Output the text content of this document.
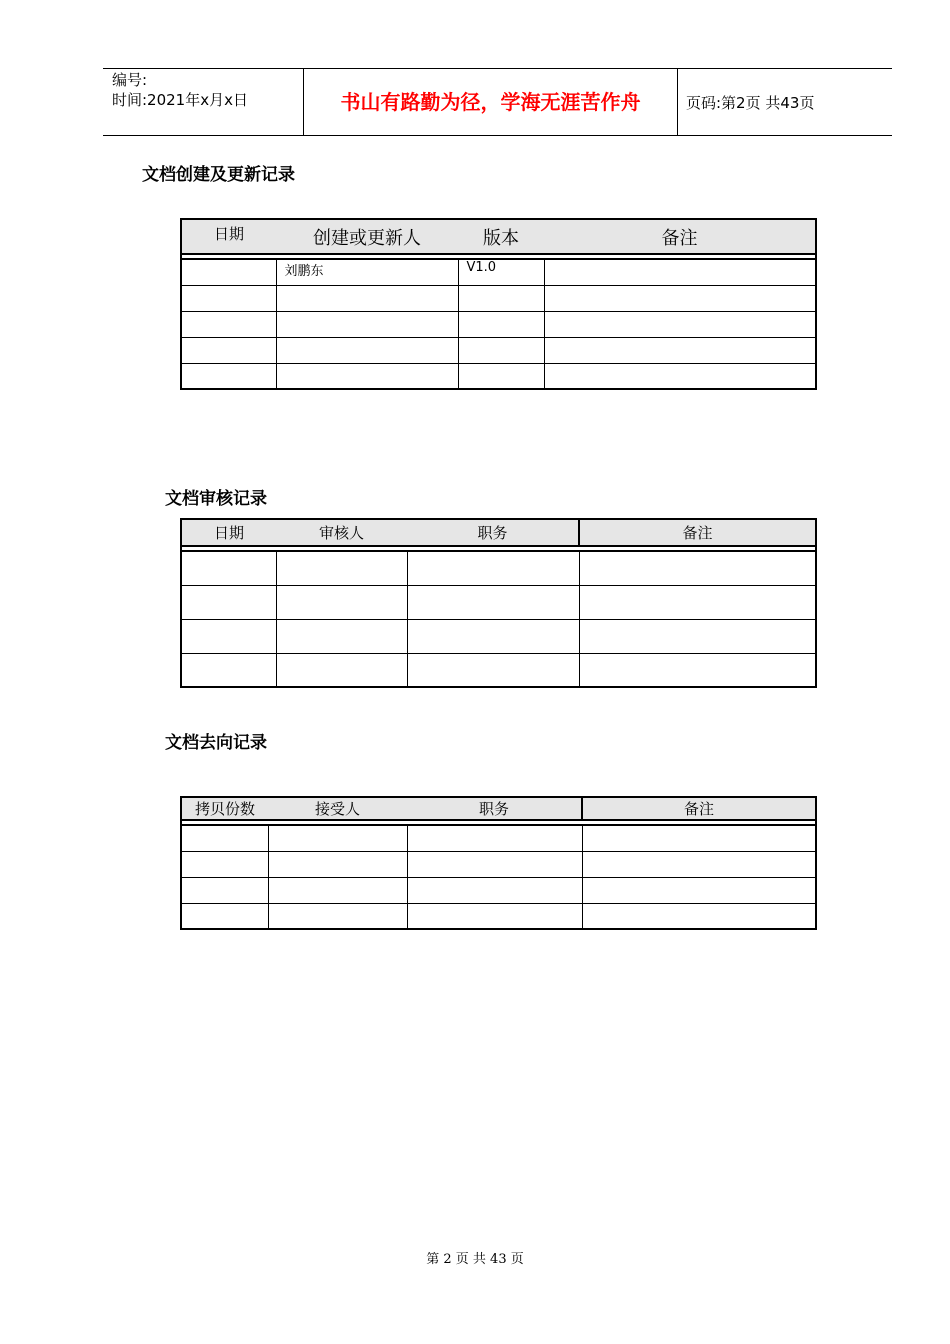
编号:
时间:2021年x月x日	书山有路勤为径，学海无涯苦作舟	页码:第2页 共43页
文档创建及更新记录
日期	创建或更新人	版本	备注

	刘鹏东	V1.0	

文档审核记录
日期	审核人	职务	备注

文档去向记录
拷贝份数	接受人	职务	备注

第 2 页 共 43 页
